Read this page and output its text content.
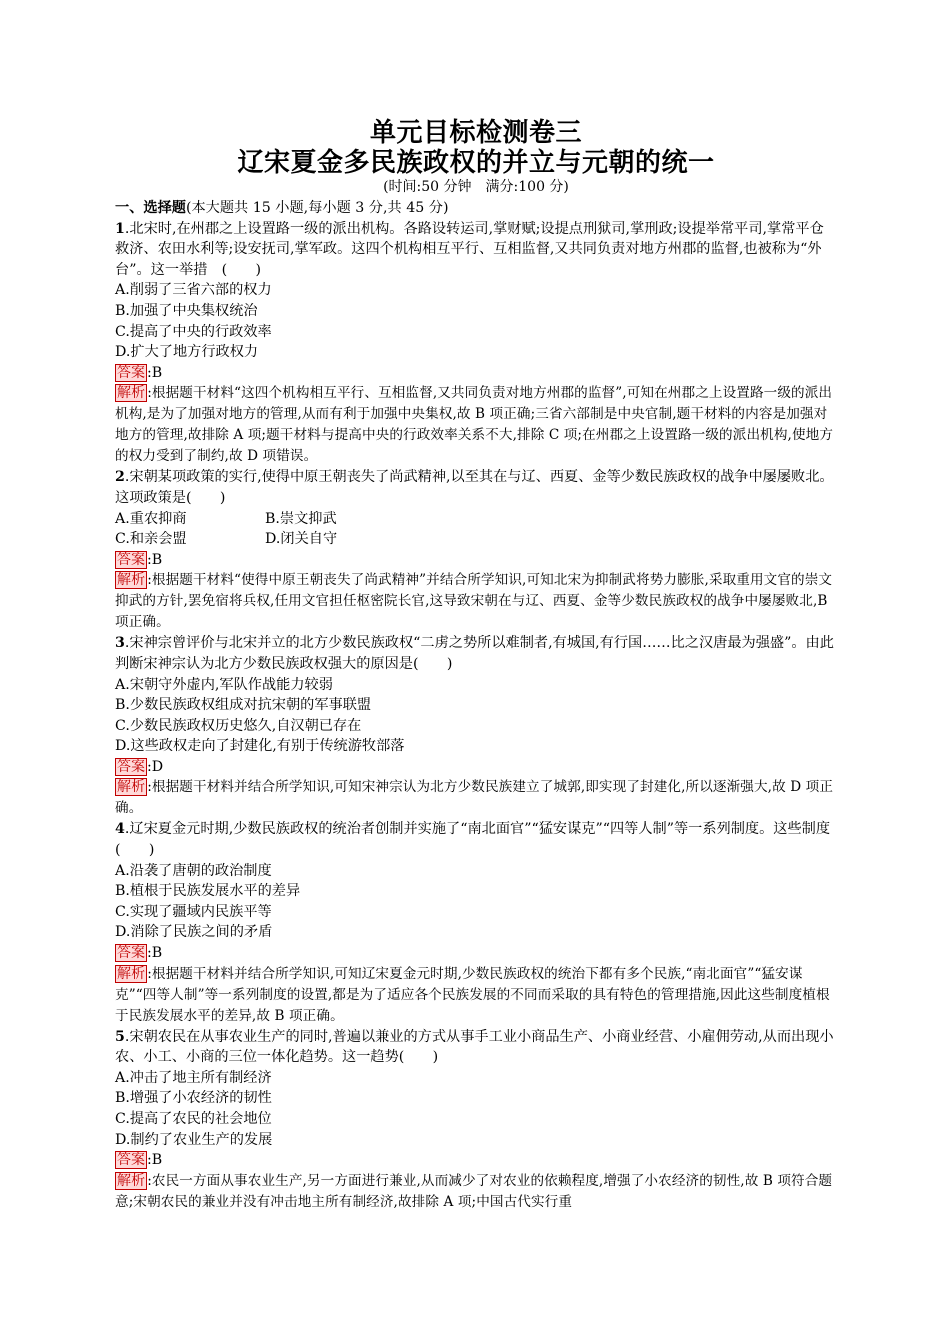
单元目标检测卷三
辽宋夏金多民族政权的并立与元朝的统一
(时间:50 分钟　满分:100 分)
一、选择题(本大题共 15 小题,每小题 3 分,共 45 分)

1.北宋时,在州郡之上设置路一级的派出机构。各路设转运司,掌财赋;设提点刑狱司,掌刑政;设提举常平司,掌常平仓救济、农田水利等;设安抚司,掌军政。这四个机构相互平行、互相监督,又共同负责对地方州郡的监督,也被称为“外台”。这一举措　(　　)

A.削弱了三省六部的权力

B.加强了中央集权统治

C.提高了中央的行政效率

D.扩大了地方行政权力

答案 :B

解析 :根据题干材料“这四个机构相互平行、互相监督,又共同负责对地方州郡的监督”,可知在州郡之上设置路一级的派出机构,是为了加强对地方的管理,从而有利于加强中央集权,故 B 项正确;三省六部制是中央官制,题干材料的内容是加强对地方的管理,故排除 A 项;题干材料与提高中央的行政效率关系不大,排除 C 项;在州郡之上设置路一级的派出机构,使地方的权力受到了制约,故 D 项错误。

2.宋朝某项政策的实行,使得中原王朝丧失了尚武精神,以至其在与辽、西夏、金等少数民族政权的战争中屡屡败北。这项政策是(　　)

A.重农抑商	B.崇文抑武
C.和亲会盟	D.闭关自守

答案 :B

解析 :根据题干材料“使得中原王朝丧失了尚武精神”并结合所学知识,可知北宋为抑制武将势力膨胀,采取重用文官的崇文抑武的方针,罢免宿将兵权,任用文官担任枢密院长官,这导致宋朝在与辽、西夏、金等少数民族政权的战争中屡屡败北,B 项正确。

3.宋神宗曾评价与北宋并立的北方少数民族政权“二虏之势所以难制者,有城国,有行国……比之汉唐最为强盛”。由此判断宋神宗认为北方少数民族政权强大的原因是(　　)

A.宋朝守外虚内,军队作战能力较弱

B.少数民族政权组成对抗宋朝的军事联盟

C.少数民族政权历史悠久,自汉朝已存在

D.这些政权走向了封建化,有别于传统游牧部落

答案 :D

解析 :根据题干材料并结合所学知识,可知宋神宗认为北方少数民族建立了城郭,即实现了封建化,所以逐渐强大,故 D 项正确。

4.辽宋夏金元时期,少数民族政权的统治者创制并实施了“南北面官”“猛安谋克”“四等人制”等一系列制度。这些制度(　　)

A.沿袭了唐朝的政治制度

B.植根于民族发展水平的差异

C.实现了疆域内民族平等

D.消除了民族之间的矛盾

答案 :B

解析 :根据题干材料并结合所学知识,可知辽宋夏金元时期,少数民族政权的统治下都有多个民族,“南北面官”“猛安谋克”“四等人制”等一系列制度的设置,都是为了适应各个民族发展的不同而采取的具有特色的管理措施,因此这些制度植根于民族发展水平的差异,故 B 项正确。

5.宋朝农民在从事农业生产的同时,普遍以兼业的方式从事手工业小商品生产、小商业经营、小雇佣劳动,从而出现小农、小工、小商的三位一体化趋势。这一趋势(　　)

A.冲击了地主所有制经济

B.增强了小农经济的韧性

C.提高了农民的社会地位

D.制约了农业生产的发展

答案 :B

解析 :农民一方面从事农业生产,另一方面进行兼业,从而减少了对农业的依赖程度,增强了小农经济的韧性,故 B 项符合题意;宋朝农民的兼业并没有冲击地主所有制经济,故排除 A 项;中国古代实行重
